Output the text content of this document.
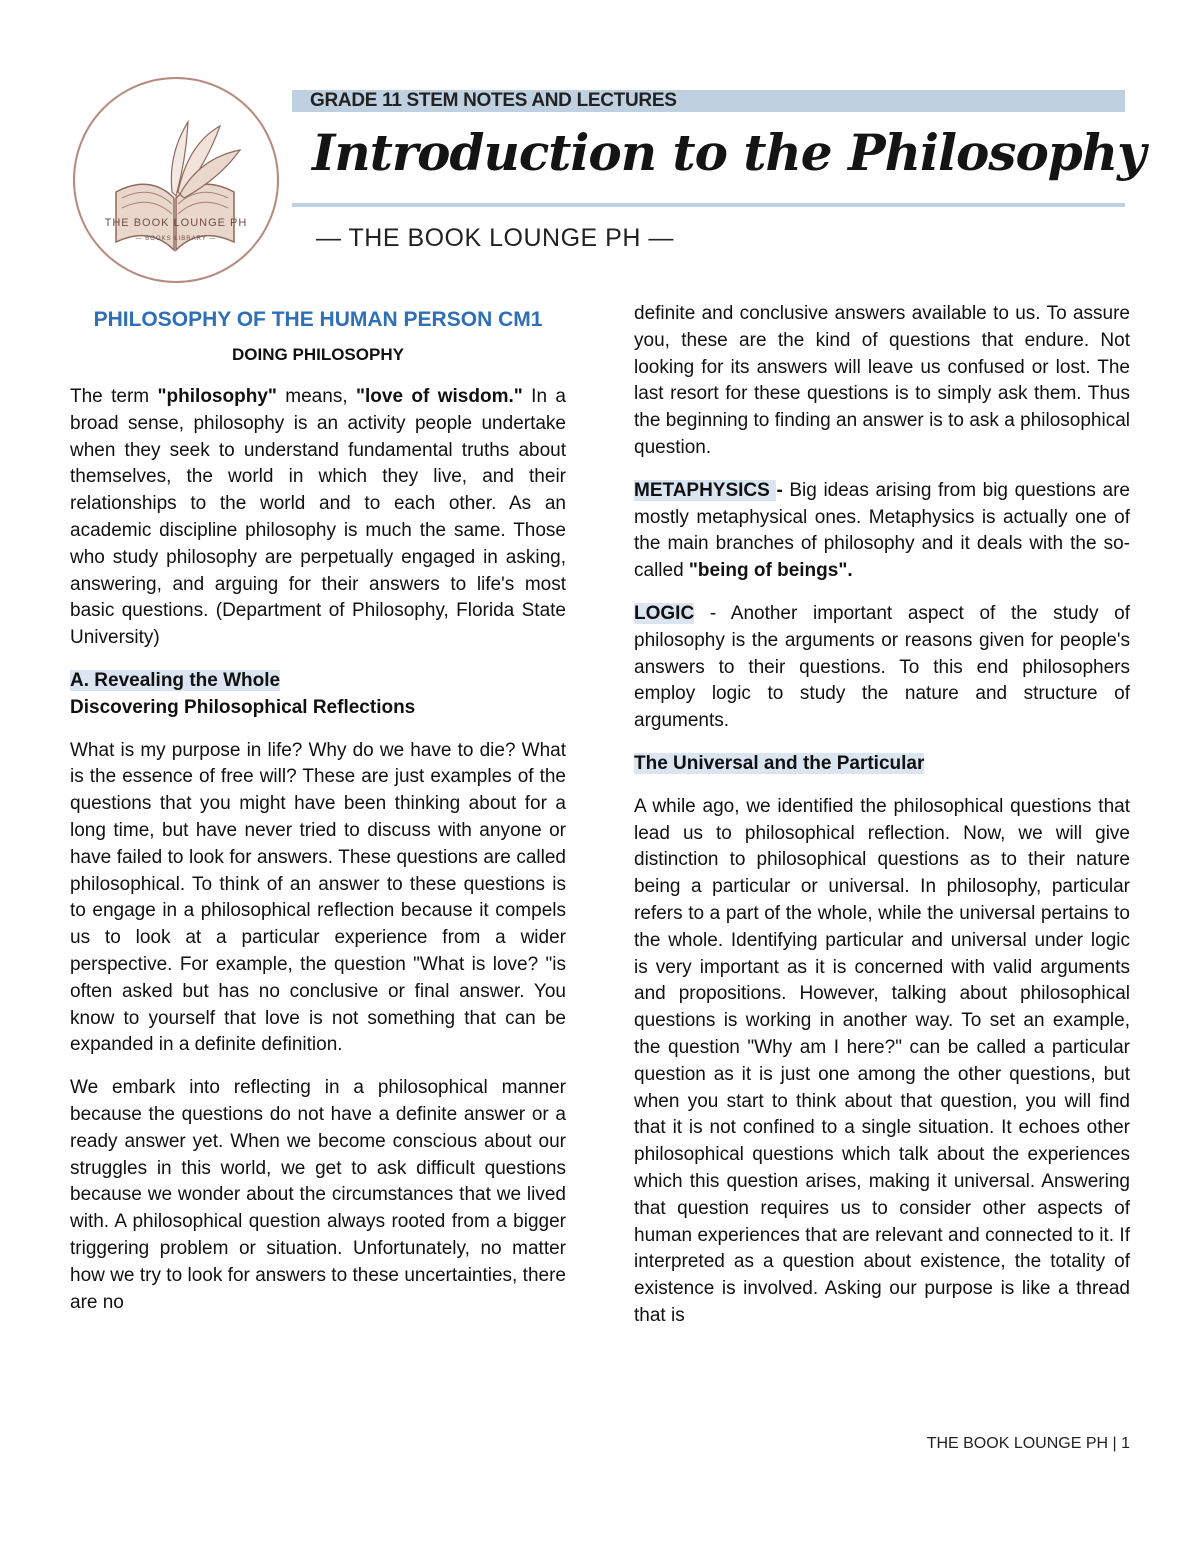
THE BOOK LOUNGE PH
— BOOKS LIBRARY —
GRADE 11 STEM NOTES AND LECTURES
Introduction to the Philosophy
— THE BOOK LOUNGE PH —
PHILOSOPHY OF THE HUMAN PERSON CM1
DOING PHILOSOPHY

The term "philosophy" means, "love of wisdom." In a broad sense, philosophy is an activity people undertake when they seek to understand fundamental truths about themselves, the world in which they live, and their relationships to the world and to each other. As an academic discipline philosophy is much the same. Those who study philosophy are perpetually engaged in asking, answering, and arguing for their answers to life's most basic questions. (Department of Philosophy, Florida State University)

A. Revealing the Whole
Discovering Philosophical Reflections

What is my purpose in life? Why do we have to die? What is the essence of free will? These are just examples of the questions that you might have been thinking about for a long time, but have never tried to discuss with anyone or have failed to look for answers. These questions are called philosophical. To think of an answer to these questions is to engage in a philosophical reflection because it compels us to look at a particular experience from a wider perspective. For example, the question "What is love? "is often asked but has no conclusive or final answer. You know to yourself that love is not something that can be expanded in a definite definition.

We embark into reflecting in a philosophical manner because the questions do not have a definite answer or a ready answer yet. When we become conscious about our struggles in this world, we get to ask difficult questions because we wonder about the circumstances that we lived with. A philosophical question always rooted from a bigger triggering problem or situation. Unfortunately, no matter how we try to look for answers to these uncertainties, there are no

definite and conclusive answers available to us. To assure you, these are the kind of questions that endure. Not looking for its answers will leave us confused or lost. The last resort for these questions is to simply ask them. Thus the beginning to finding an answer is to ask a philosophical question.

METAPHYSICS - Big ideas arising from big questions are mostly metaphysical ones. Metaphysics is actually one of the main branches of philosophy and it deals with the so-called "being of beings".

LOGIC - Another important aspect of the study of philosophy is the arguments or reasons given for people's answers to their questions. To this end philosophers employ logic to study the nature and structure of arguments.

The Universal and the Particular

A while ago, we identified the philosophical questions that lead us to philosophical reflection. Now, we will give distinction to philosophical questions as to their nature being a particular or universal. In philosophy, particular refers to a part of the whole, while the universal pertains to the whole. Identifying particular and universal under logic is very important as it is concerned with valid arguments and propositions. However, talking about philosophical questions is working in another way. To set an example, the question "Why am I here?" can be called a particular question as it is just one among the other questions, but when you start to think about that question, you will find that it is not confined to a single situation. It echoes other philosophical questions which talk about the experiences which this question arises, making it universal. Answering that question requires us to consider other aspects of human experiences that are relevant and connected to it. If interpreted as a question about existence, the totality of existence is involved. Asking our purpose is like a thread that is

THE BOOK LOUNGE PH | 1
